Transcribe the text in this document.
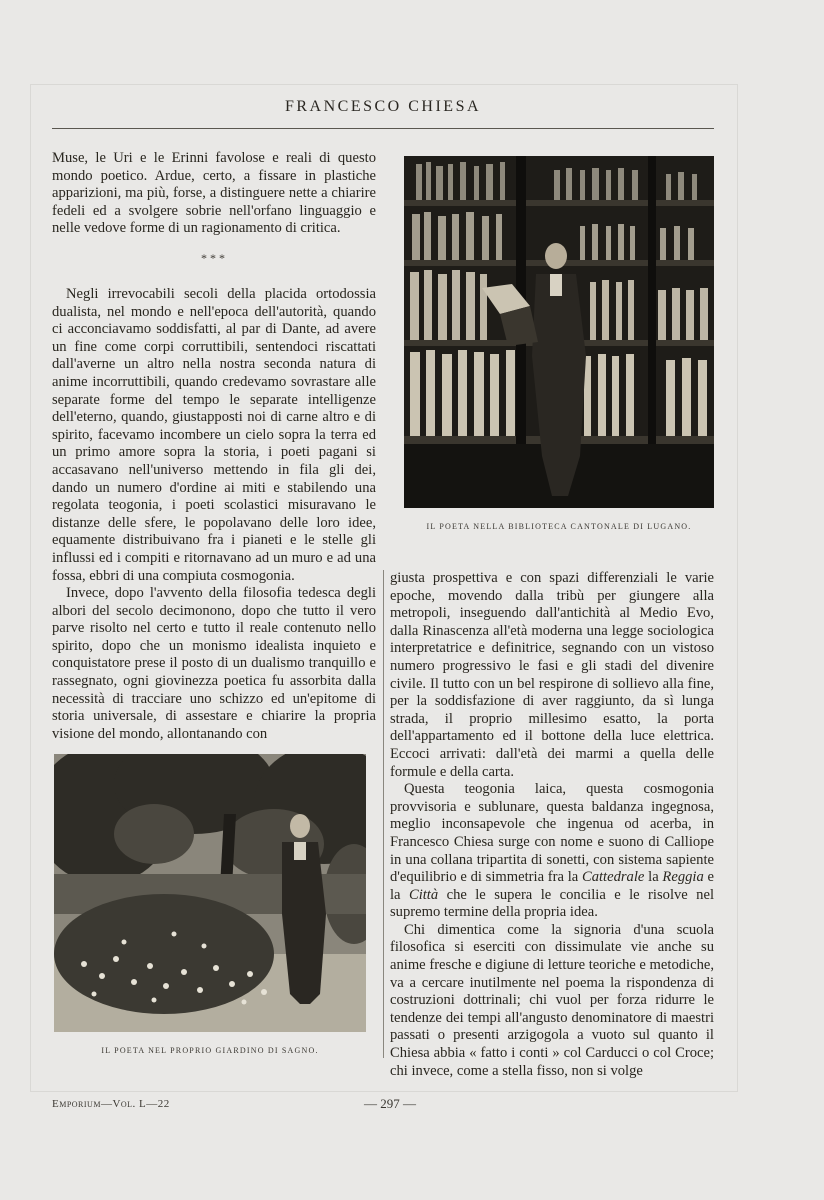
FRANCESCO CHIESA

Muse, le Uri e le Erinni favolose e reali di questo mondo poetico. Ardue, certo, a fissare in plastiche apparizioni, ma più, forse, a distinguere nette a chiarire fedeli ed a svolgere sobrie nell'orfano linguaggio e nelle vedove forme di un ragionamento di critica.

* * *

Negli irrevocabili secoli della placida ortodossia dualista, nel mondo e nell'epoca dell'autorità, quando ci acconciavamo soddisfatti, al par di Dante, ad avere un fine come corpi corruttibili, sentendoci riscattati dall'averne un altro nella nostra seconda natura di anime incorruttibili, quando credevamo sovrastare alle separate forme del tempo le separate intelligenze dell'eterno, quando, giustapposti noi di carne altro e di spirito, facevamo incombere un cielo sopra la terra ed un primo amore sopra la storia, i poeti pagani si accasavano nell'universo mettendo in fila gli dei, dando un numero d'ordine ai miti e stabilendo una regolata teogonia, i poeti scolastici misuravano le distanze delle sfere, le popolavano delle loro idee, equamente distribuivano fra i pianeti e le stelle gli influssi ed i compiti e ritornavano ad un muro e ad una fossa, ebbri di una compiuta cosmogonia.

Invece, dopo l'avvento della filosofia tedesca degli albori del secolo decimonono, dopo che tutto il vero parve risolto nel certo e tutto il reale contenuto nello spirito, dopo che un monismo idealista inquieto e conquistatore prese il posto di un dualismo tranquillo e rassegnato, ogni giovinezza poetica fu assorbita dalla necessità di tracciare uno schizzo ed un'epitome di storia universale, di assestare e chiarire la propria visione del mondo, allontanando con

IL POETA NELLA BIBLIOTECA CANTONALE DI LUGANO.

giusta prospettiva e con spazi differenziali le varie epoche, movendo dalla tribù per giungere alla metropoli, inseguendo dall'antichità al Medio Evo, dalla Rinascenza all'età moderna una legge sociologica interpretatrice e definitrice, segnando con un vistoso numero progressivo le fasi e gli stadi del divenire civile. Il tutto con un bel respirone di sollievo alla fine, per la soddisfazione di aver raggiunto, da sì lunga strada, il proprio millesimo esatto, la porta dell'appartamento ed il bottone della luce elettrica. Eccoci arrivati: dall'età dei marmi a quella delle formule e della carta.

Questa teogonia laica, questa cosmogonia provvisoria e sublunare, questa baldanza ingegnosa, meglio inconsapevole che ingenua od acerba, in Francesco Chiesa surge con nome e suono di Calliope in una collana tripartita di sonetti, con sistema sapiente d'equilibrio e di simmetria fra la Cattedrale la Reggia e la Città che le supera le concilia e le risolve nel supremo termine della propria idea.

Chi dimentica come la signoria d'una scuola filosofica si eserciti con dissimulate vie anche su anime fresche e digiune di letture teoriche e metodiche, va a cercare inutilmente nel poema la rispondenza di costruzioni dottrinali; chi vuol per forza ridurre le tendenze dei tempi all'angusto denominatore di maestri passati o presenti arzigogola a vuoto sul quanto il Chiesa abbia « fatto i conti » col Carducci o col Croce; chi invece, come a stella fisso, non si volge

IL POETA NEL PROPRIO GIARDINO DI SAGNO.
Emporium—Vol. L—22	— 297 —
